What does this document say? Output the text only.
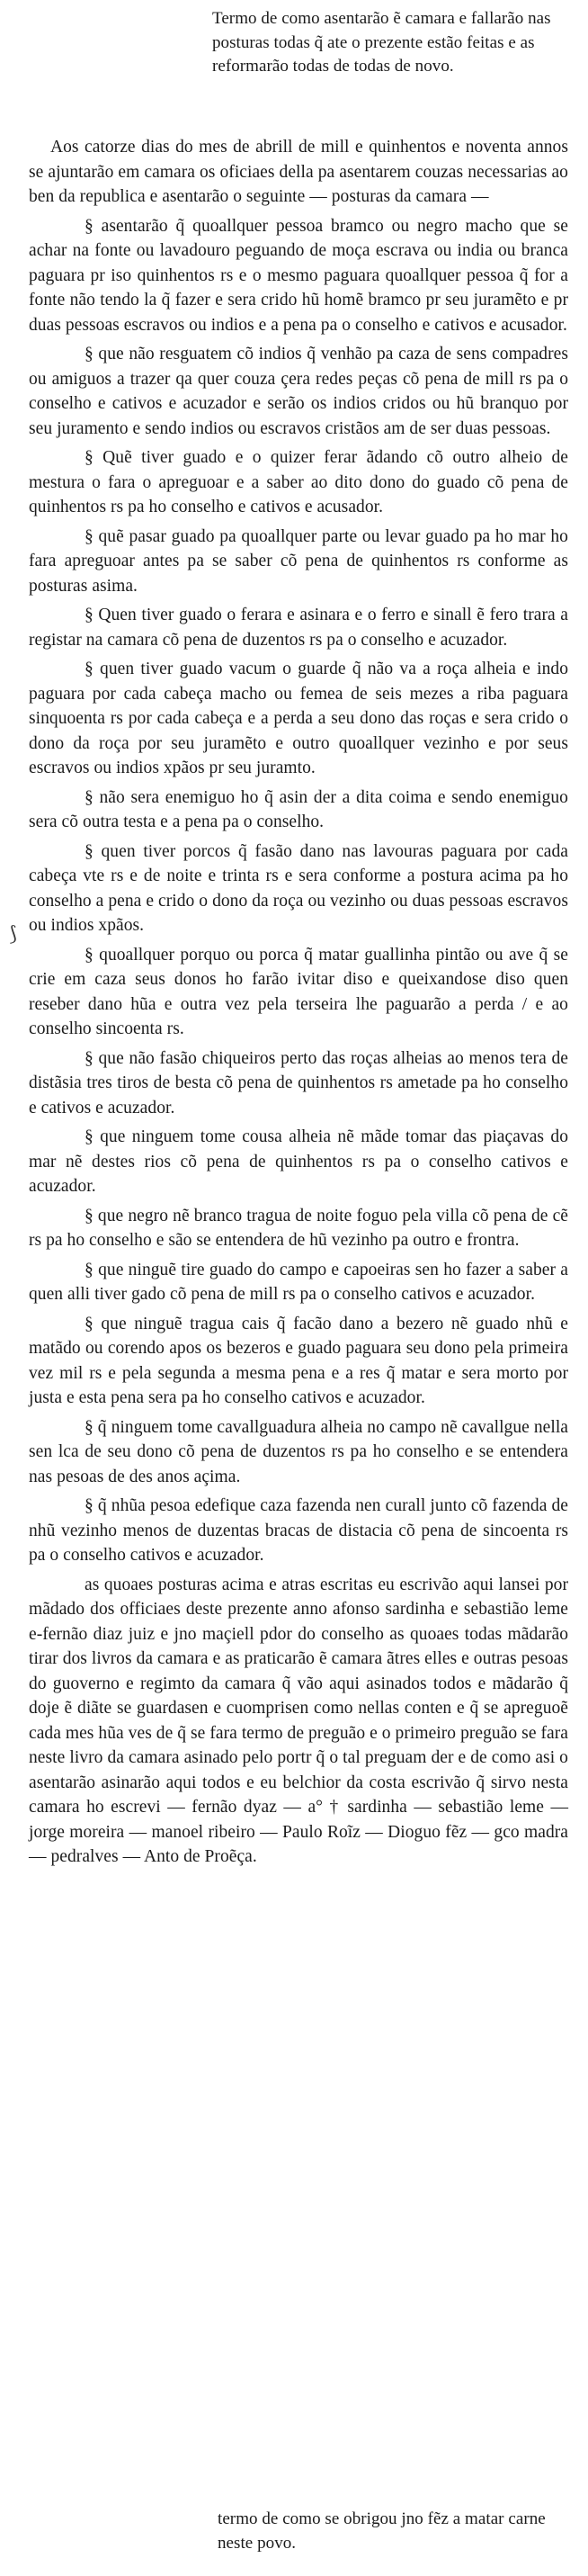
Termo de como asentarão ẽ camara e fallarão nas posturas todas q̃ ate o prezente estão feitas e as reformarão todas de todas de novo.

⟆

Aos catorze dias do mes de abrill de mill e quinhentos e noventa annos se ajuntarão em camara os oficiaes della pa asentarem couzas necessarias ao ben da republica e asentarão o seguinte — posturas da camara —

§ asentarão q̃ quoallquer pessoa bramco ou negro macho que se achar na fonte ou lavadouro peguando de moça escrava ou india ou branca paguara pr iso quinhentos rs e o mesmo paguara quoallquer pessoa q̃ for a fonte não tendo la q̃ fazer e sera crido hũ homẽ bramco pr seu juramẽto e pr duas pessoas escravos ou indios e a pena pa o conselho e cativos e acusador.

§ que não resguatem cõ indios q̃ venhão pa caza de sens compadres ou amiguos a trazer qa quer couza çera redes peças cõ pena de mill rs pa o conselho e cativos e acuzador e serão os indios cridos ou hũ branquo por seu juramento e sendo indios ou escravos cristãos am de ser duas pessoas.

§ Quẽ tiver guado e o quizer ferar ãdando cõ outro alheio de mestura o fara o apreguoar e a saber ao dito dono do guado cõ pena de quinhentos rs pa ho conselho e cativos e acusador.

§ quẽ pasar guado pa quoallquer parte ou levar guado pa ho mar ho fara apreguoar antes pa se saber cõ pena de quinhentos rs conforme as posturas asima.

§ Quen tiver guado o ferara e asinara e o ferro e sinall ẽ fero trara a registar na camara cõ pena de duzentos rs pa o conselho e acuzador.

§ quen tiver guado vacum o guarde q̃ não va a roça alheia e indo paguara por cada cabeça macho ou femea de seis mezes a riba paguara sinquoenta rs por cada cabeça e a perda a seu dono das roças e sera crido o dono da roça por seu juramẽto e outro quoallquer vezinho e por seus escravos ou indios xpãos pr seu juramto.

§ não sera enemiguo ho q̃ asin der a dita coima e sendo enemiguo sera cõ outra testa e a pena pa o conselho.

§ quen tiver porcos q̃ fasão dano nas lavouras paguara por cada cabeça vte rs e de noite e trinta rs e sera conforme a postura acima pa ho conselho a pena e crido o dono da roça ou vezinho ou duas pessoas escravos ou indios xpãos.

§ quoallquer porquo ou porca q̃ matar guallinha pintão ou ave q̃ se crie em caza seus donos ho farão ivitar diso e queixandose diso quen reseber dano hũa e outra vez pela terseira lhe paguarão a perda / e ao conselho sincoenta rs.

§ que não fasão chiqueiros perto das roças alheias ao menos tera de distãsia tres tiros de besta cõ pena de quinhentos rs ametade pa ho conselho e cativos e acuzador.

§ que ninguem tome cousa alheia nẽ mãde tomar das piaçavas do mar nẽ destes rios cõ pena de quinhentos rs pa o conselho cativos e acuzador.

§ que negro nẽ branco tragua de noite foguo pela villa cõ pena de cẽ rs pa ho conselho e são se entendera de hũ vezinho pa outro e frontra.

§ que ninguẽ tire guado do campo e capoeiras sen ho fazer a saber a quen alli tiver gado cõ pena de mill rs pa o conselho cativos e acuzador.

§ que ninguẽ tragua cais q̃ facão dano a bezero nẽ guado nhũ e matãdo ou corendo apos os bezeros e guado paguara seu dono pela primeira vez mil rs e pela segunda a mesma pena e a res q̃ matar e sera morto por justa e esta pena sera pa ho conselho cativos e acuzador.

§ q̃ ninguem tome cavallguadura alheia no campo nẽ cavallgue nella sen lca de seu dono cõ pena de duzentos rs pa ho conselho e se entendera nas pesoas de des anos açima.

§ q̃ nhũa pesoa edefique caza fazenda nen curall junto cõ fazenda de nhũ vezinho menos de duzentas bracas de distacia cõ pena de sincoenta rs pa o conselho cativos e acuzador.

as quoaes posturas acima e atras escritas eu escrivão aqui lansei por mãdado dos officiaes deste prezente anno afonso sardinha e sebastião leme e-fernão diaz juiz e jno maçiell pdor do conselho as quoaes todas mãdarão tirar dos livros da camara e as praticarão ẽ camara ãtres elles e outras pesoas do guoverno e regimto da camara q̃ vão aqui asinados todos e mãdarão q̃ doje ẽ diãte se guardasen e cuomprisen como nellas conten e q̃ se apreguoẽ cada mes hũa ves de q̃ se fara termo de preguão e o primeiro preguão se fara neste livro da camara asinado pelo portr q̃ o tal preguam der e de como asi o asentarão asinarão aqui todos e eu belchior da costa escrivão q̃ sirvo nesta camara ho escrevi — fernão dyaz — a° † sardinha — sebastião leme — jorge moreira — manoel ribeiro — Paulo Roĩz — Dioguo fẽz — gco madra — pedralves — Anto de Proẽça.

termo de como se obrigou jno fẽz a matar carne neste povo.
